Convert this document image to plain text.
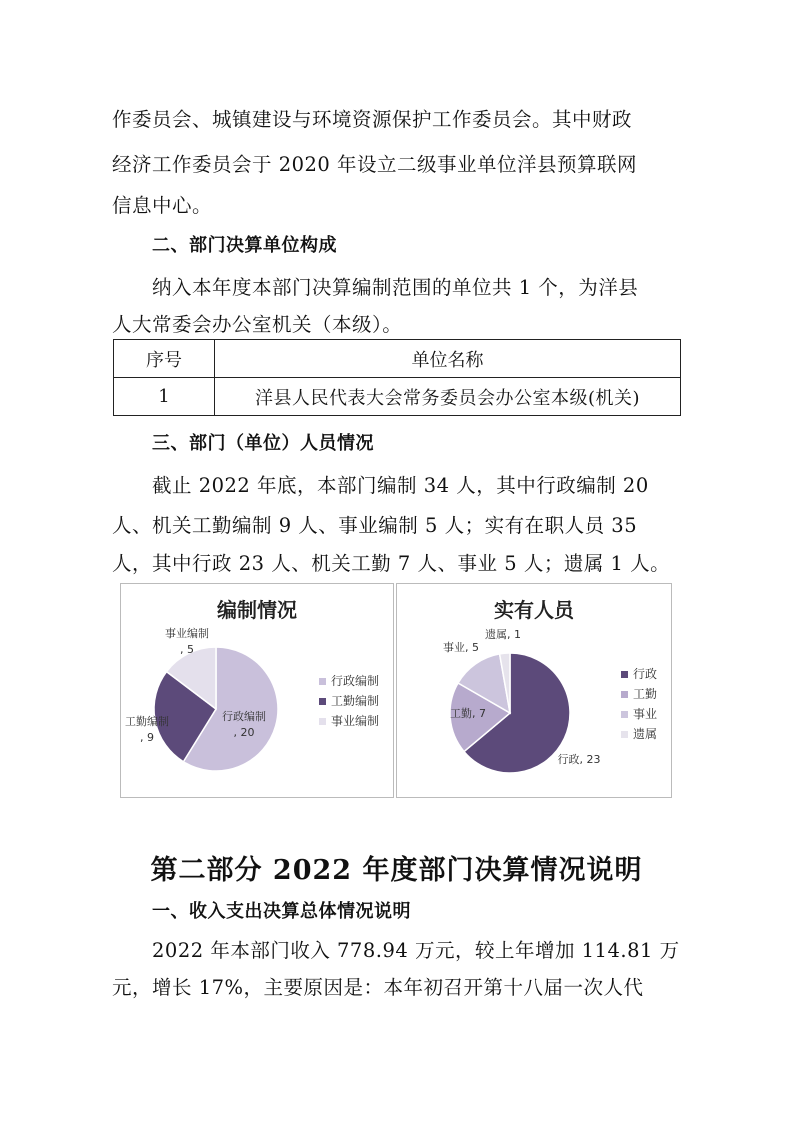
作委员会、城镇建设与环境资源保护工作委员会。其中财政
经济工作委员会于 2020 年设立二级事业单位洋县预算联网
信息中心。
二、部门决算单位构成
纳入本年度本部门决算编制范围的单位共 1 个，为洋县
人大常委会办公室机关（本级）。
序号	单位名称
1	洋县人民代表大会常务委员会办公室本级(机关)
三、部门（单位）人员情况
截止 2022 年底，本部门编制 34 人，其中行政编制 20
人、机关工勤编制 9 人、事业编制 5 人；实有在职人员 35
人，其中行政 23 人、机关工勤 7 人、事业 5 人；遗属 1 人。
编制情况
行政编制, 20
工勤编制, 9
事业编制, 5
行政编制
工勤编制
事业编制
实有人员
行政, 23
工勤, 7
事业, 5
遗属, 1
行政
工勤
事业
遗属
第二部分 2022 年度部门决算情况说明
一、收入支出决算总体情况说明
2022 年本部门收入 778.94 万元，较上年增加 114.81 万
元，增长 17%，主要原因是：本年初召开第十八届一次人代
